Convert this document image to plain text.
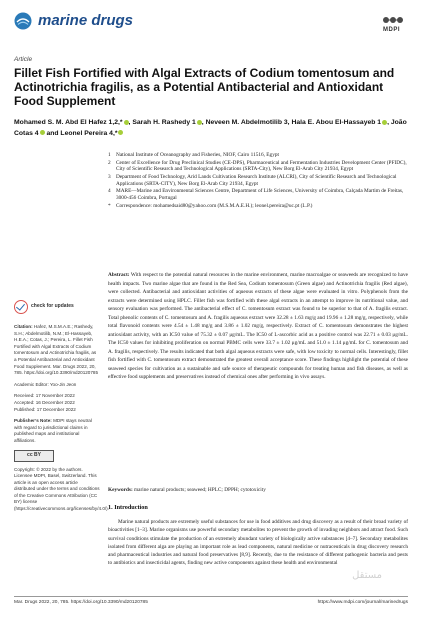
marine drugs
MDPI
Article
Fillet Fish Fortified with Algal Extracts of Codium tomentosum and Actinotrichia fragilis, as a Potential Antibacterial and Antioxidant Food Supplement
Mohamed S. M. Abd El Hafez 1,2,* , Sarah H. Rashedy 1 , Neveen M. Abdelmotilib 3, Hala E. Abou El-Hassayeb 1 , João Cotas 4 and Leonel Pereira 4,*
1	National Institute of Oceanography and Fisheries, NIOF, Cairo 11516, Egypt
2	Center of Excellence for Drug Preclinical Studies (CE-DPS), Pharmaceutical and Fermentation Industries Development Center (PFIDC), City of Scientific Research and Technological Applications (SRTA-City), New Borg El-Arab City 21934, Egypt
3	Department of Food Technology, Arid Lands Cultivation Research Institute (ALCRI), City of Scientific Research and Technological Applications (SRTA-CITY), New Borg El-Arab City 21934, Egypt
4	MARE—Marine and Environmental Sciences Centre, Department of Life Sciences, University of Coimbra, Calçada Martim de Freitas, 3000-456 Coimbra, Portugal
*	Correspondence: mohamedsaid80@yahoo.com (M.S.M.A.E.H.); leonel.pereira@uc.pt (L.P.)
check for updates
Citation: Hafez, M.S.M.A.E.; Rashedy, S.H.; Abdelmotilib, N.M.; El-Hassayeb, H.E.A.; Cotas, J.; Pereira, L. Fillet Fish Fortified with Algal Extracts of Codium tomentosum and Actinotrichia fragilis, as a Potential Antibacterial and Antioxidant Food Supplement. Mar. Drugs 2022, 20, 785. https://doi.org/10.3390/md20120785
Academic Editor: Yoo-Jin Jeon
Received: 17 November 2022
Accepted: 16 December 2022
Published: 17 December 2022
Publisher’s Note: MDPI stays neutral with regard to jurisdictional claims in published maps and institutional affiliations.
cc BY
Copyright: © 2022 by the authors. Licensee MDPI, Basel, Switzerland. This article is an open access article distributed under the terms and conditions of the Creative Commons Attribution (CC BY) license (https://creativecommons.org/licenses/by/4.0/).
Abstract: With respect to the potential natural resources in the marine environment, marine macroalgae or seaweeds are recognized to have health impacts. Two marine algae that are found in the Red Sea, Codium tomentosum (Green algae) and Actinotrichia fragilis (Red algae), were collected. Antibacterial and antioxidant activities of aqueous extracts of these algae were evaluated in vitro. Polyphenols from the extracts were determined using HPLC. Fillet fish was fortified with these algal extracts in an attempt to improve its nutritional value, and sensory evaluation was performed. The antibacterial effect of C. tomentosum extract was found to be superior to that of A. fragilis extract. Total phenolic contents of C. tomentosum and A. fragilis aqueous extract were 32.28 ± 1.63 mg/g and 19.96 ± 1.28 mg/g, respectively, while total flavonoid contents were 4.54 ± 1.48 mg/g and 3.86 ± 1.02 mg/g, respectively. Extract of C. tomentosum demonstrates the highest antioxidant activity, with an IC50 value of 75.32 ± 0.07 μg/mL. The IC50 of L-ascorbic acid as a positive control was 22.71 ± 0.03 μg/mL. The IC50 values for inhibiting proliferation on normal PBMC cells were 33.7 ± 1.02 μg/mL and 51.0 ± 1.14 μg/mL for C. tomentosum and A. fragilis, respectively. The results indicated that both algal aqueous extracts were safe, with low toxicity to normal cells. Interestingly, fillet fish fortified with C. tomentosum extract demonstrated the greatest overall acceptance score. These findings highlight the potential of these seaweed species for cultivation as a sustainable and safe source of therapeutic compounds for treating human and fish diseases, as well as effective food supplements and preservatives instead of chemical ones after performing in vivo assays.
Keywords: marine natural products; seaweed; HPLC; DPPH; cytotoxicity
1. Introduction
Marine natural products are extremely useful substances for use in food additives and drug discovery as a result of their broad variety of bioactivities [1–3]. Marine organisms use powerful secondary metabolites to prevent the growth of invading neighbors and attract food. Such survival conditions stimulate the production of an extremely abundant variety of biologically active substances [4–7]. Secondary metabolites isolated from different alga are playing an important role as lead components, natural medicine or nutraceuticals in drug discovery research and pharmaceutical industries and natural food preservatives [8,9]. Recently, due to the resistance of different pathogenic bacteria and pests to antibiotics and insecticidal agents, finding new active components against these health and environmental
مستقل
Mar. Drugs 2022, 20, 785. https://doi.org/10.3390/md20120785	https://www.mdpi.com/journal/marinedrugs
